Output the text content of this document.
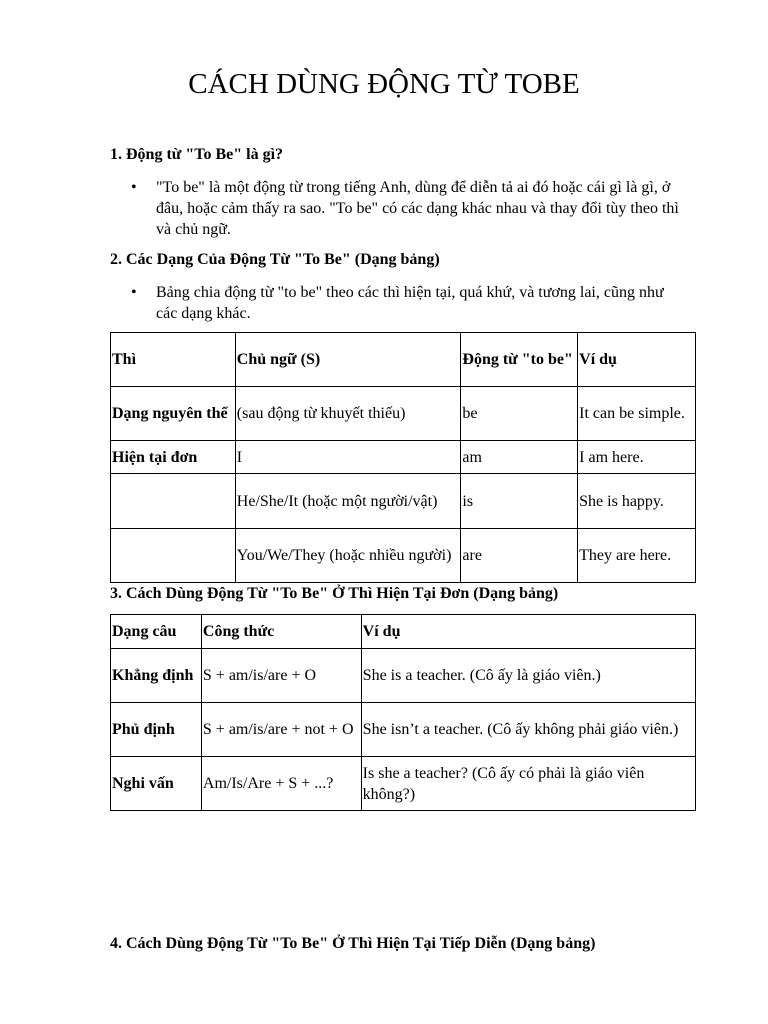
CÁCH DÙNG ĐỘNG TỪ TOBE

1. Động từ "To Be" là gì?

• "To be" là một động từ trong tiếng Anh, dùng để diễn tả ai đó hoặc cái gì là gì, ở đâu, hoặc cảm thấy ra sao. "To be" có các dạng khác nhau và thay đổi tùy theo thì và chủ ngữ.

2. Các Dạng Của Động Từ "To Be" (Dạng bảng)

• Bảng chia động từ "to be" theo các thì hiện tại, quá khứ, và tương lai, cũng như các dạng khác.
Thì	Chủ ngữ (S)	Động từ "to be"	Ví dụ
Dạng nguyên thể	(sau động từ khuyết thiếu)	be	It can be simple.
Hiện tại đơn	I	am	I am here.
	He/She/It (hoặc một người/vật)	is	She is happy.
	You/We/They (hoặc nhiều người)	are	They are here.

3. Cách Dùng Động Từ "To Be" Ở Thì Hiện Tại Đơn (Dạng bảng)

Dạng câu	Công thức	Ví dụ
Khẳng định	S + am/is/are + O	She is a teacher. (Cô ấy là giáo viên.)
Phủ định	S + am/is/are + not + O	She isn’t a teacher. (Cô ấy không phải giáo viên.)
Nghi vấn	Am/Is/Are + S + ...?	Is she a teacher? (Cô ấy có phải là giáo viên không?)

4. Cách Dùng Động Từ "To Be" Ở Thì Hiện Tại Tiếp Diễn (Dạng bảng)
